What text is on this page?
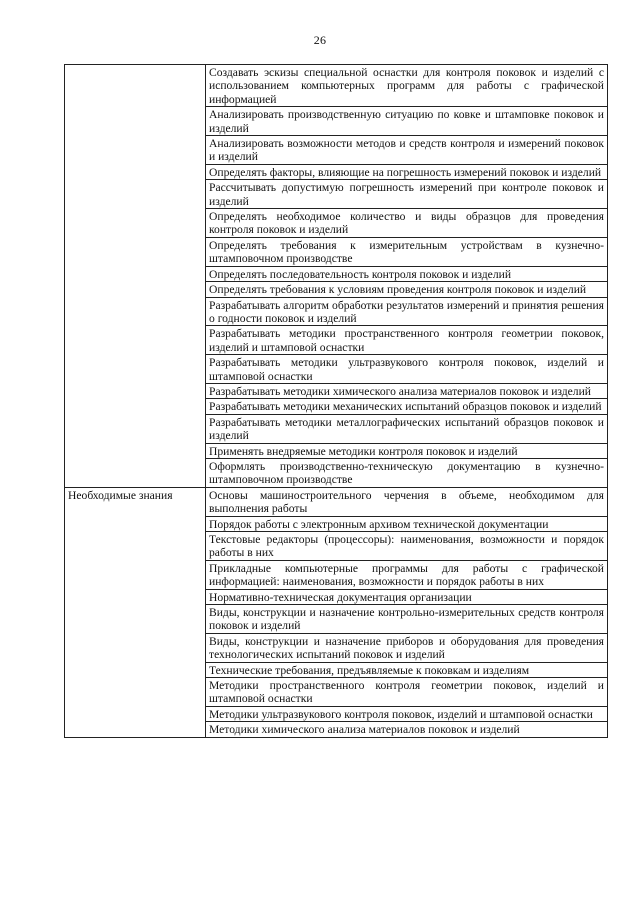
26
	Создавать эскизы специальной оснастки для контроля поковок и изделий с использованием компьютерных программ для работы с графической информацией
	Анализировать производственную ситуацию по ковке и штамповке поковок и изделий
	Анализировать возможности методов и средств контроля и измерений поковок и изделий
	Определять факторы, влияющие на погрешность измерений поковок и изделий
	Рассчитывать допустимую погрешность измерений при контроле поковок и изделий
	Определять необходимое количество и виды образцов для проведения контроля поковок и изделий
	Определять требования к измерительным устройствам в кузнечно-штамповочном производстве
	Определять последовательность контроля поковок и изделий
	Определять требования к условиям проведения контроля поковок и изделий
	Разрабатывать алгоритм обработки результатов измерений и принятия решения о годности поковок и изделий
	Разрабатывать методики пространственного контроля геометрии поковок, изделий и штамповой оснастки
	Разрабатывать методики ультразвукового контроля поковок, изделий и штамповой оснастки
	Разрабатывать методики химического анализа материалов поковок и изделий
	Разрабатывать методики механических испытаний образцов поковок и изделий
	Разрабатывать методики металлографических испытаний образцов поковок и изделий
	Применять внедряемые методики контроля поковок и изделий
	Оформлять производственно-техническую документацию в кузнечно-штамповочном производстве
Необходимые знания	Основы машиностроительного черчения в объеме, необходимом для выполнения работы
	Порядок работы с электронным архивом технической документации
	Текстовые редакторы (процессоры): наименования, возможности и порядок работы в них
	Прикладные компьютерные программы для работы с графической информацией: наименования, возможности и порядок работы в них
	Нормативно-техническая документация организации
	Виды, конструкции и назначение контрольно-измерительных средств контроля поковок и изделий
	Виды, конструкции и назначение приборов и оборудования для проведения технологических испытаний поковок и изделий
	Технические требования, предъявляемые к поковкам и изделиям
	Методики пространственного контроля геометрии поковок, изделий и штамповой оснастки
	Методики ультразвукового контроля поковок, изделий и штамповой оснастки
	Методики химического анализа материалов поковок и изделий
